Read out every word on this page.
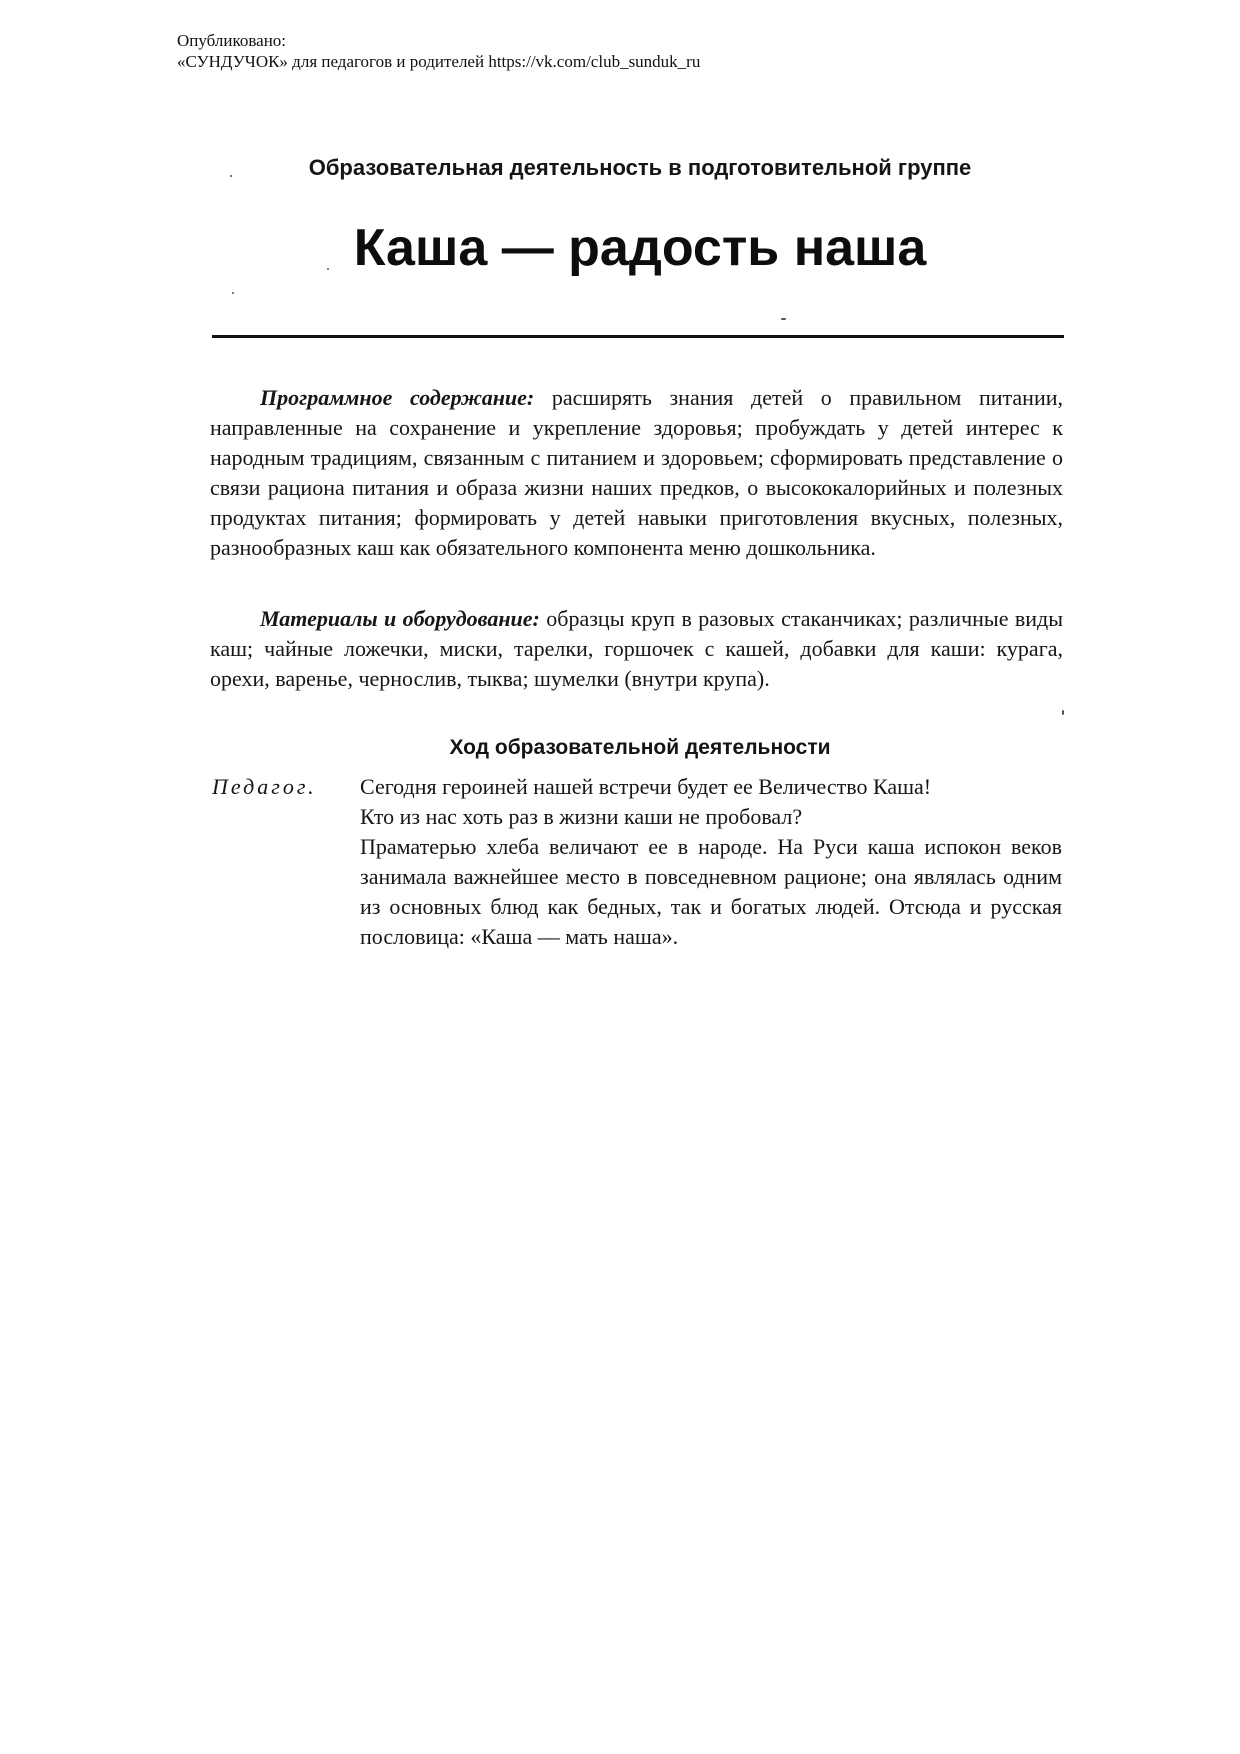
Опубликовано:
«СУНДУЧОК» для педагогов и родителей https://vk.com/club_sunduk_ru
Образовательная деятельность в подготовительной группе
Каша — радость наша

Программное содержание: расширять знания детей о правильном питании, направленные на сохранение и укрепление здоровья; пробуждать у детей интерес к народным традициям, связанным с питанием и здоровьем; сформировать представление о связи рациона питания и образа жизни наших предков, о высококалорийных и полезных продуктах питания; формировать у детей навыки приготовления вкусных, полезных, разнообразных каш как обязательного компонента меню дошкольника.

Материалы и оборудование: образцы круп в разовых стаканчиках; различные виды каш; чайные ложечки, миски, тарелки, горшочек с кашей, добавки для каши: курага, орехи, варенье, чернослив, тыква; шумелки (внутри крупа).

Ход образовательной деятельности
Педагог. Сегодня героиней нашей встречи будет ее Величество Каша!

Кто из нас хоть раз в жизни каши не пробовал?

Праматерью хлеба величают ее в народе. На Руси каша испокон веков занимала важнейшее место в повседневном рационе; она являлась одним из основных блюд как бедных, так и богатых людей. Отсюда и русская пословица: «Каша — мать наша».
